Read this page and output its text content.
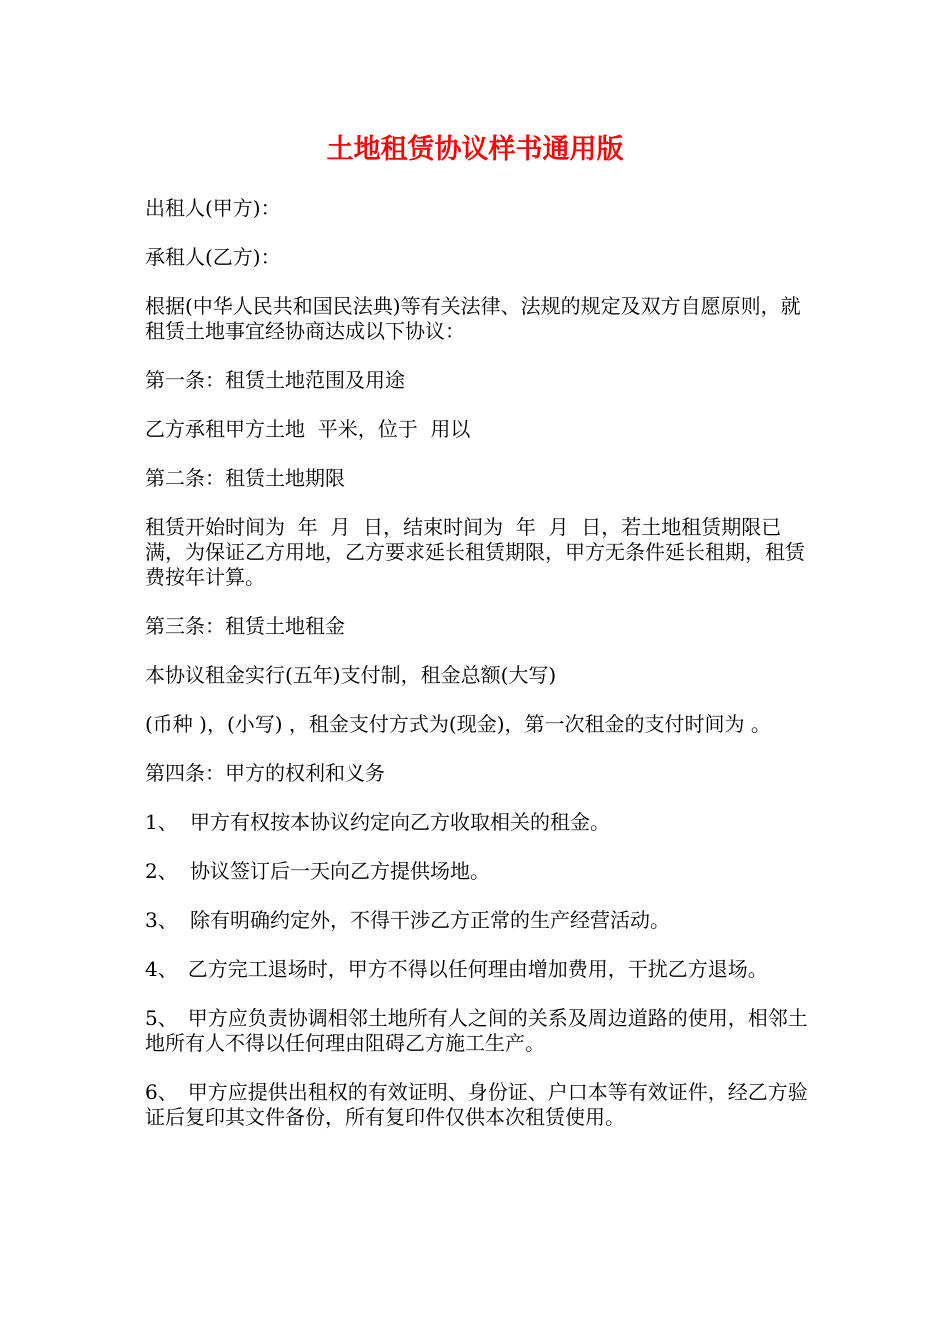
土地租赁协议样书通用版

出租人(甲方)：

承租人(乙方)：

根据(中华人民共和国民法典)等有关法律、法规的规定及双方自愿原则，就租赁土地事宜经协商达成以下协议：

第一条：租赁土地范围及用途

乙方承租甲方土地  平米，位于  用以

第二条：租赁土地期限

租赁开始时间为  年  月  日，结束时间为  年  月  日，若土地租赁期限已满，为保证乙方用地，乙方要求延长租赁期限，甲方无条件延长租期，租赁费按年计算。

第三条：租赁土地租金

本协议租金实行(五年)支付制，租金总额(大写)

(币种 )，(小写) ，租金支付方式为(现金)，第一次租金的支付时间为 。

第四条：甲方的权利和义务

1、 甲方有权按本协议约定向乙方收取相关的租金。
2、 协议签订后一天向乙方提供场地。
3、 除有明确约定外，不得干涉乙方正常的生产经营活动。
4、　 乙方完工退场时，甲方不得以任何理由增加费用，干扰乙方退场。
5、　 甲方应负责协调相邻土地所有人之间的关系及周边道路的使用，相邻土地所有人不得以任何理由阻碍乙方施工生产。
6、　 甲方应提供出租权的有效证明、身份证、户口本等有效证件，经乙方验证后复印其文件备份，所有复印件仅供本次租赁使用。
